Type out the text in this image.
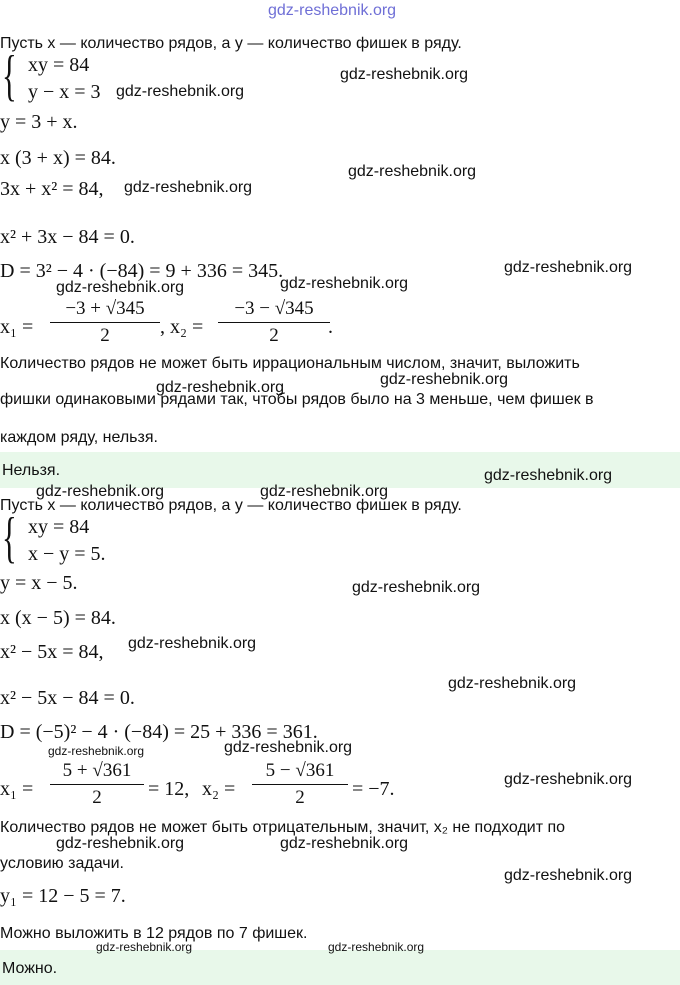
gdz-reshebnik.org
Пусть x — количество рядов, а y — количество фишек в ряду.
{ xy = 84
y − x = 3
y = 3 + x.
x (3 + x) = 84.
3x + x² = 84,
x² + 3x − 84 = 0.
D = 3² − 4 · (−84) = 9 + 336 = 345.
x₁ =
−3 + √345
2	, x₂ =
−3 − √345
2	.
Количество рядов не может быть иррациональным числом, значит, выложить
фишки одинаковыми рядами так, чтобы рядов было на 3 меньше, чем фишек в
каждом ряду, нельзя.
Нельзя.
Пусть x — количество рядов, а y — количество фишек в ряду.
{ xy = 84
x − y = 5.
y = x − 5.
x (x − 5) = 84.
x² − 5x = 84,
x² − 5x − 84 = 0.
D = (−5)² − 4 · (−84) = 25 + 336 = 361.
x₁ =
5 + √361
2	= 12, x₂ =
5 − √361
2	= −7.
Количество рядов не может быть отрицательным, значит, x₂ не подходит по
условию задачи.
y₁ = 12 − 5 = 7.
Можно выложить в 12 рядов по 7 фишек.
Можно.
gdz-reshebnik.org
gdz-reshebnik.org
gdz-reshebnik.org
gdz-reshebnik.org
gdz-reshebnik.org
gdz-reshebnik.org
gdz-reshebnik.org
gdz-reshebnik.org
gdz-reshebnik.org
gdz-reshebnik.org
gdz-reshebnik.org	gdz-reshebnik.org
gdz-reshebnik.org
gdz-reshebnik.org
gdz-reshebnik.org
gdz-reshebnik.org	gdz-reshebnik.org
gdz-reshebnik.org
gdz-reshebnik.org	gdz-reshebnik.org
gdz-reshebnik.org
gdz-reshebnik.org	gdz-reshebnik.org
